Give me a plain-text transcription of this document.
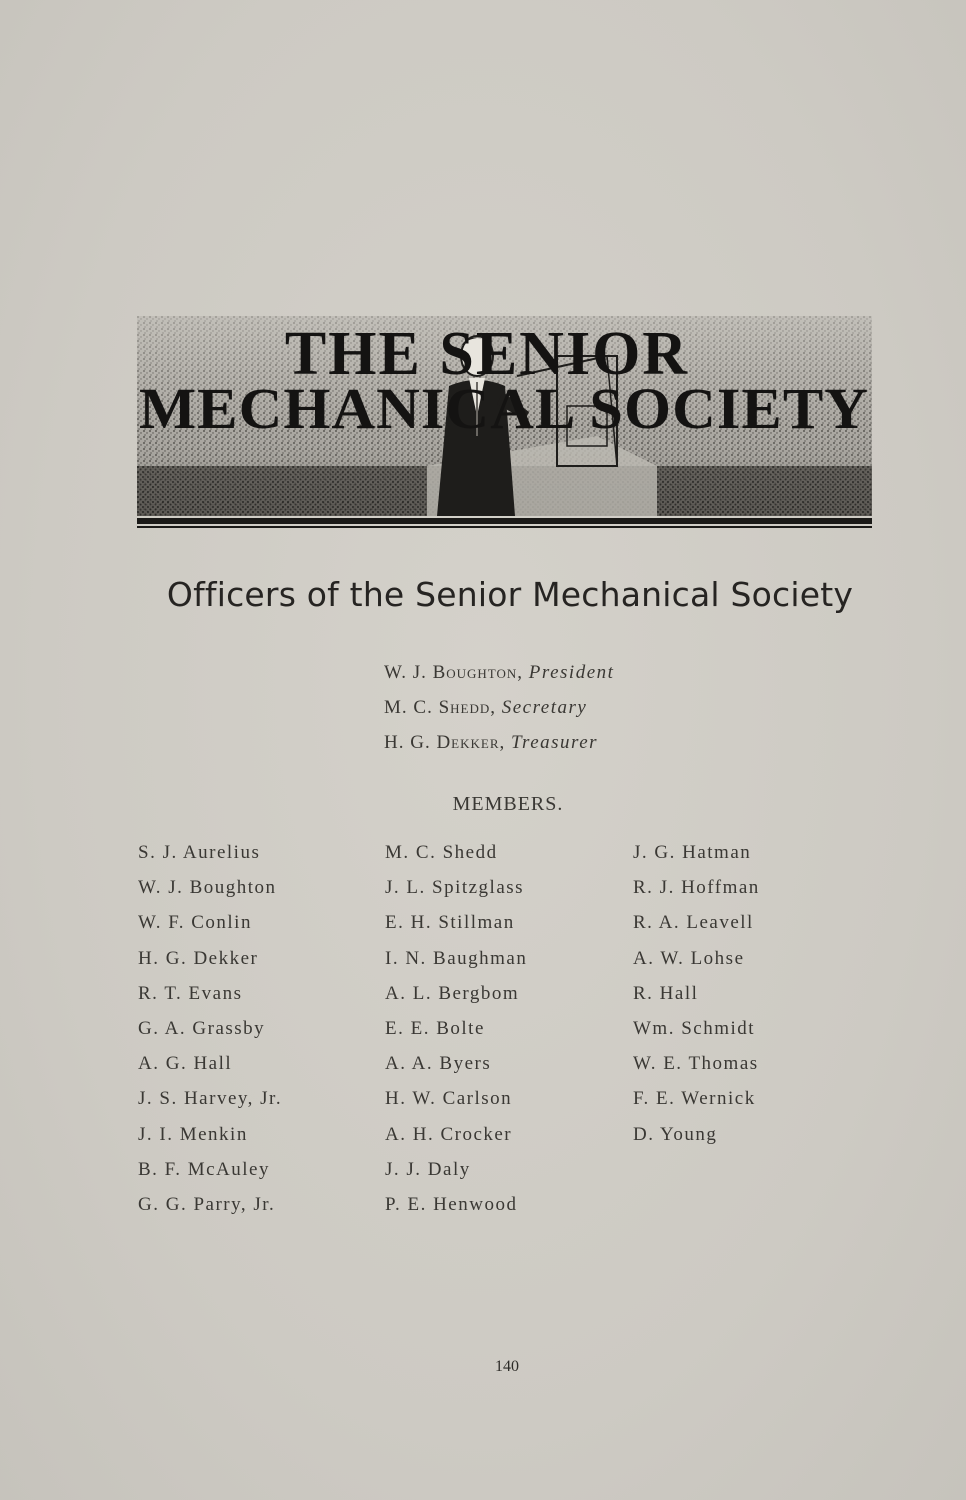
THE SENIOR
MECHANICAL SOCIETY
Officers of the Senior Mechanical Society
W. J. Boughton, President
M. C. Shedd, Secretary
H. G. Dekker, Treasurer
MEMBERS.
S. J. Aurelius
W. J. Boughton
W. F. Conlin
H. G. Dekker
R. T. Evans
G. A. Grassby
A. G. Hall
J. S. Harvey, Jr.
J. I. Menkin
B. F. McAuley
G. G. Parry, Jr.
M. C. Shedd
J. L. Spitzglass
E. H. Stillman
I. N. Baughman
A. L. Bergbom
E. E. Bolte
A. A. Byers
H. W. Carlson
A. H. Crocker
J. J. Daly
P. E. Henwood
J. G. Hatman
R. J. Hoffman
R. A. Leavell
A. W. Lohse
R. Hall
Wm. Schmidt
W. E. Thomas
F. E. Wernick
D. Young
140
